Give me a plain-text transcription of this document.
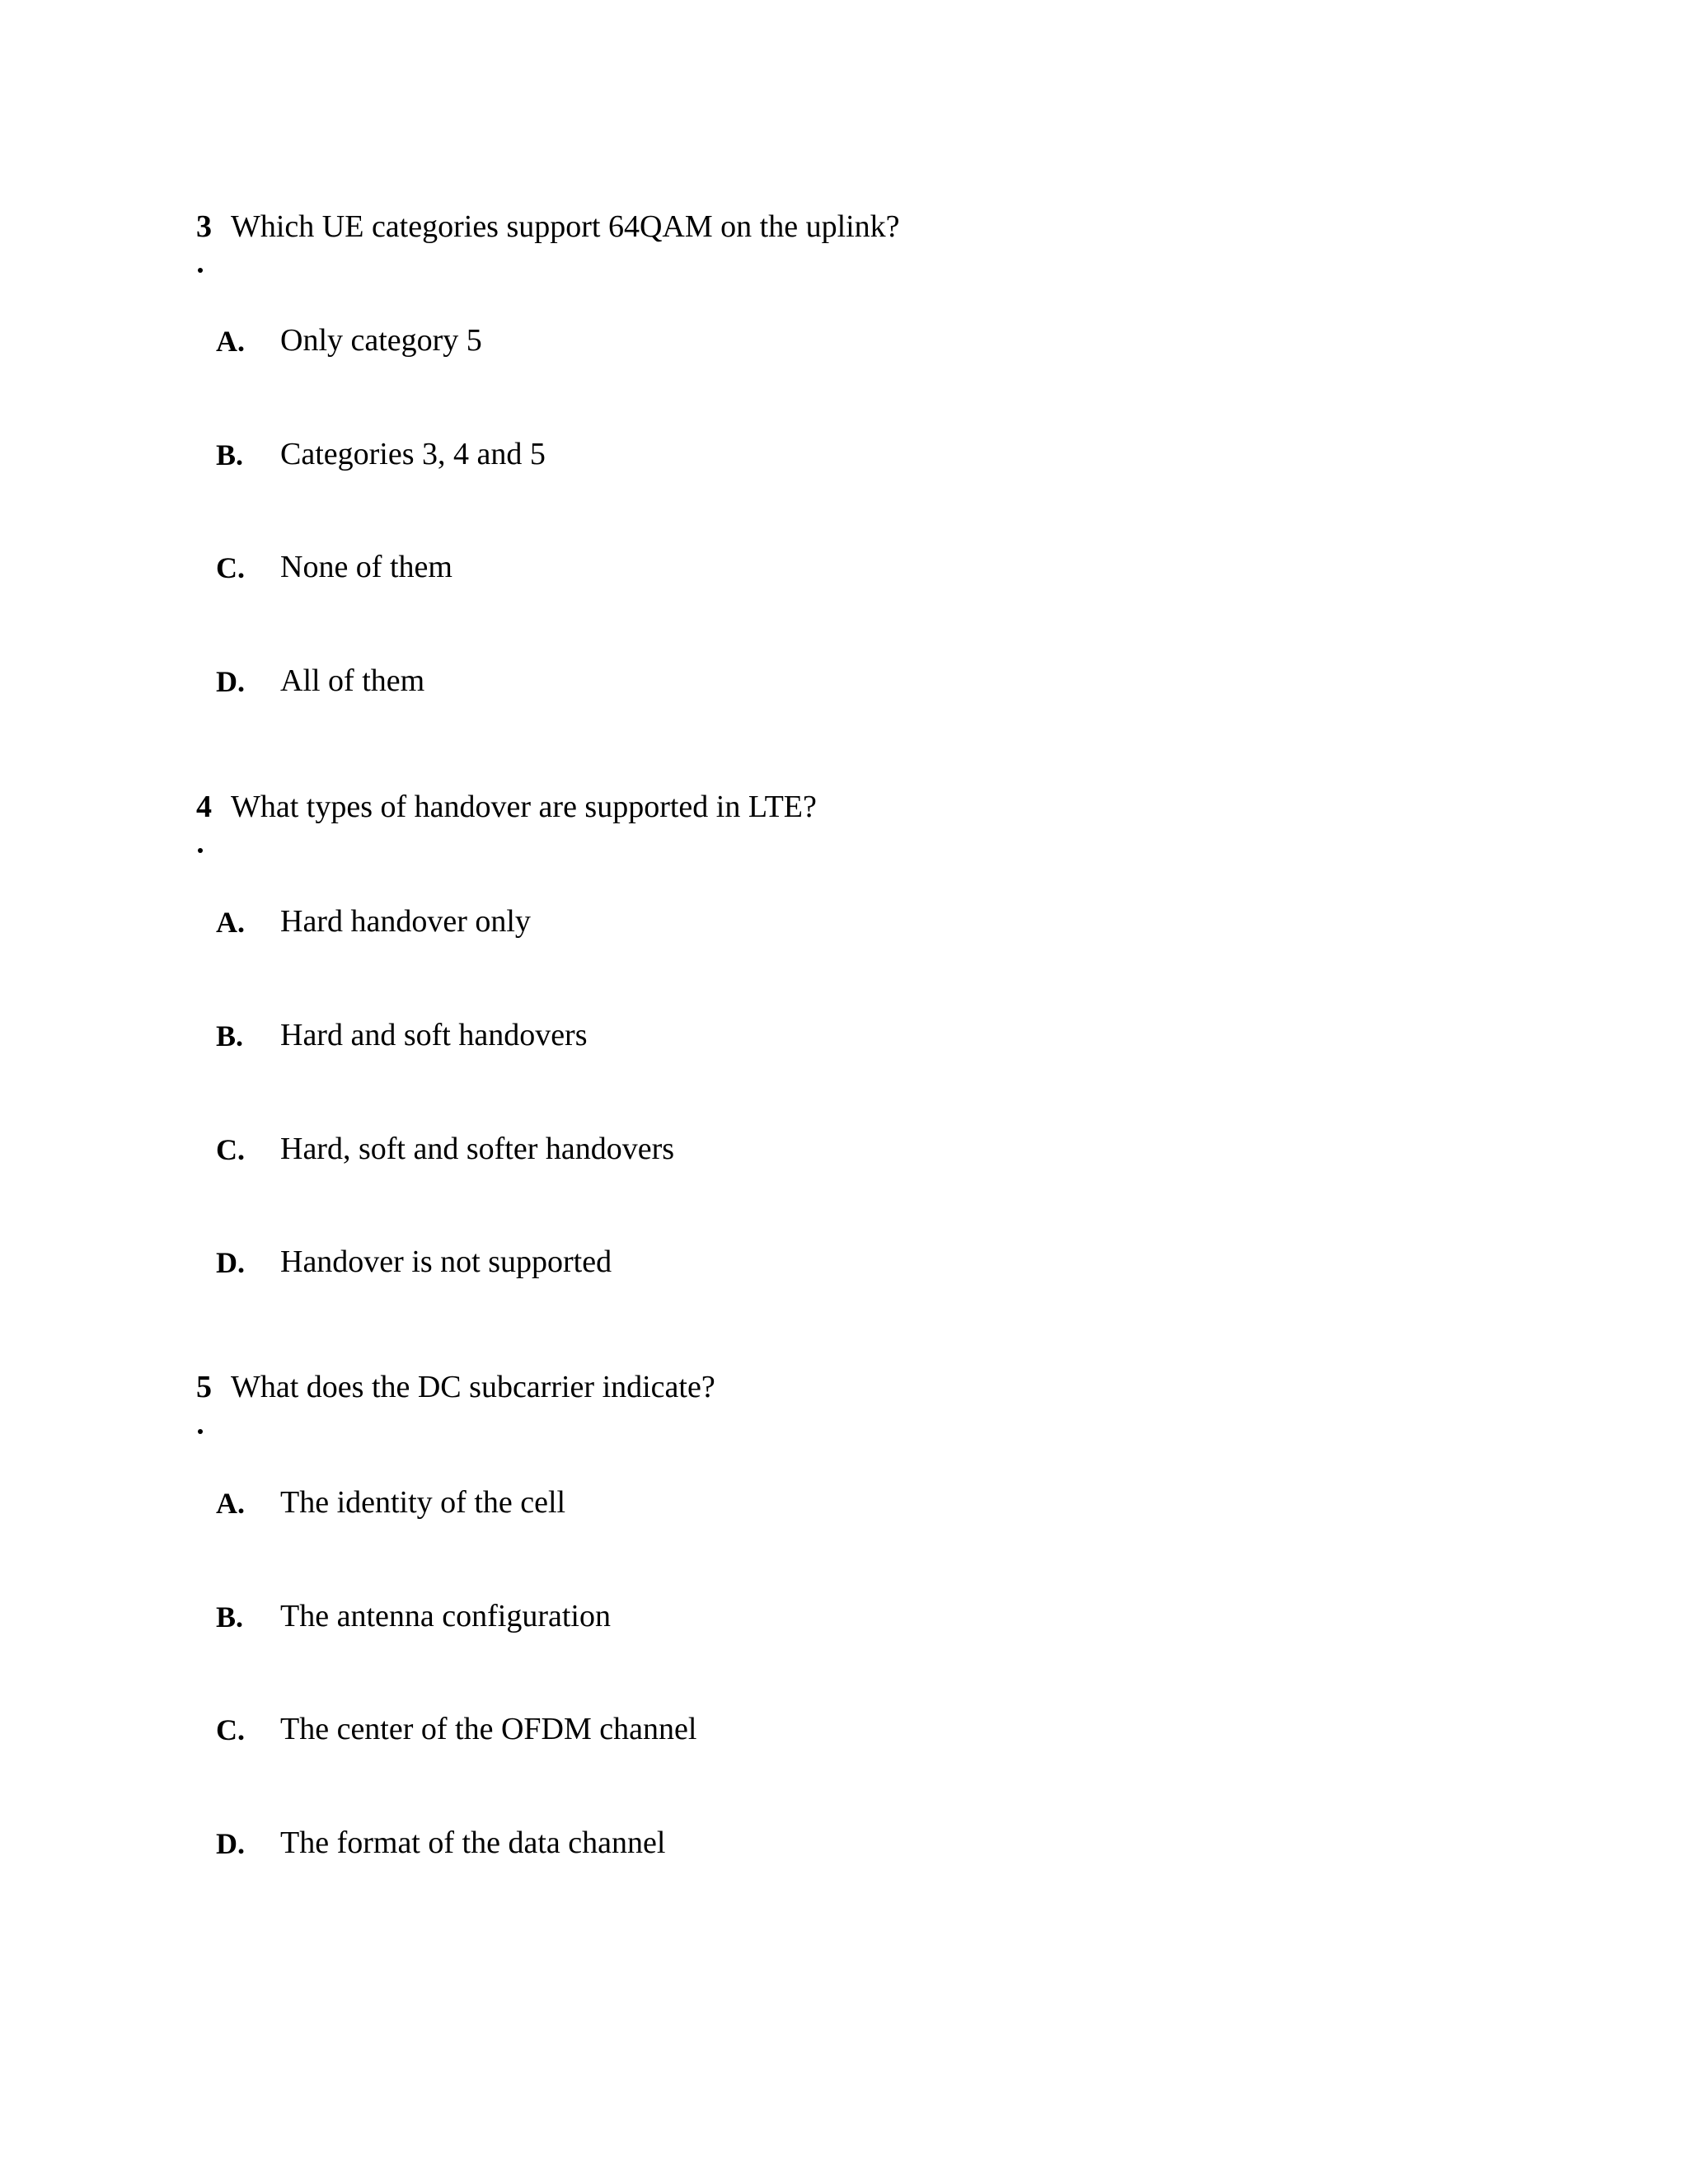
3 Which UE categories support 64QAM on the uplink?
A. Only category 5
B. Categories 3, 4 and 5
C. None of them
D. All of them
4 What types of handover are supported in LTE?
A. Hard handover only
B. Hard and soft handovers
C. Hard, soft and softer handovers
D. Handover is not supported
5 What does the DC subcarrier indicate?
A. The identity of the cell
B. The antenna configuration
C. The center of the OFDM channel
D. The format of the data channel
